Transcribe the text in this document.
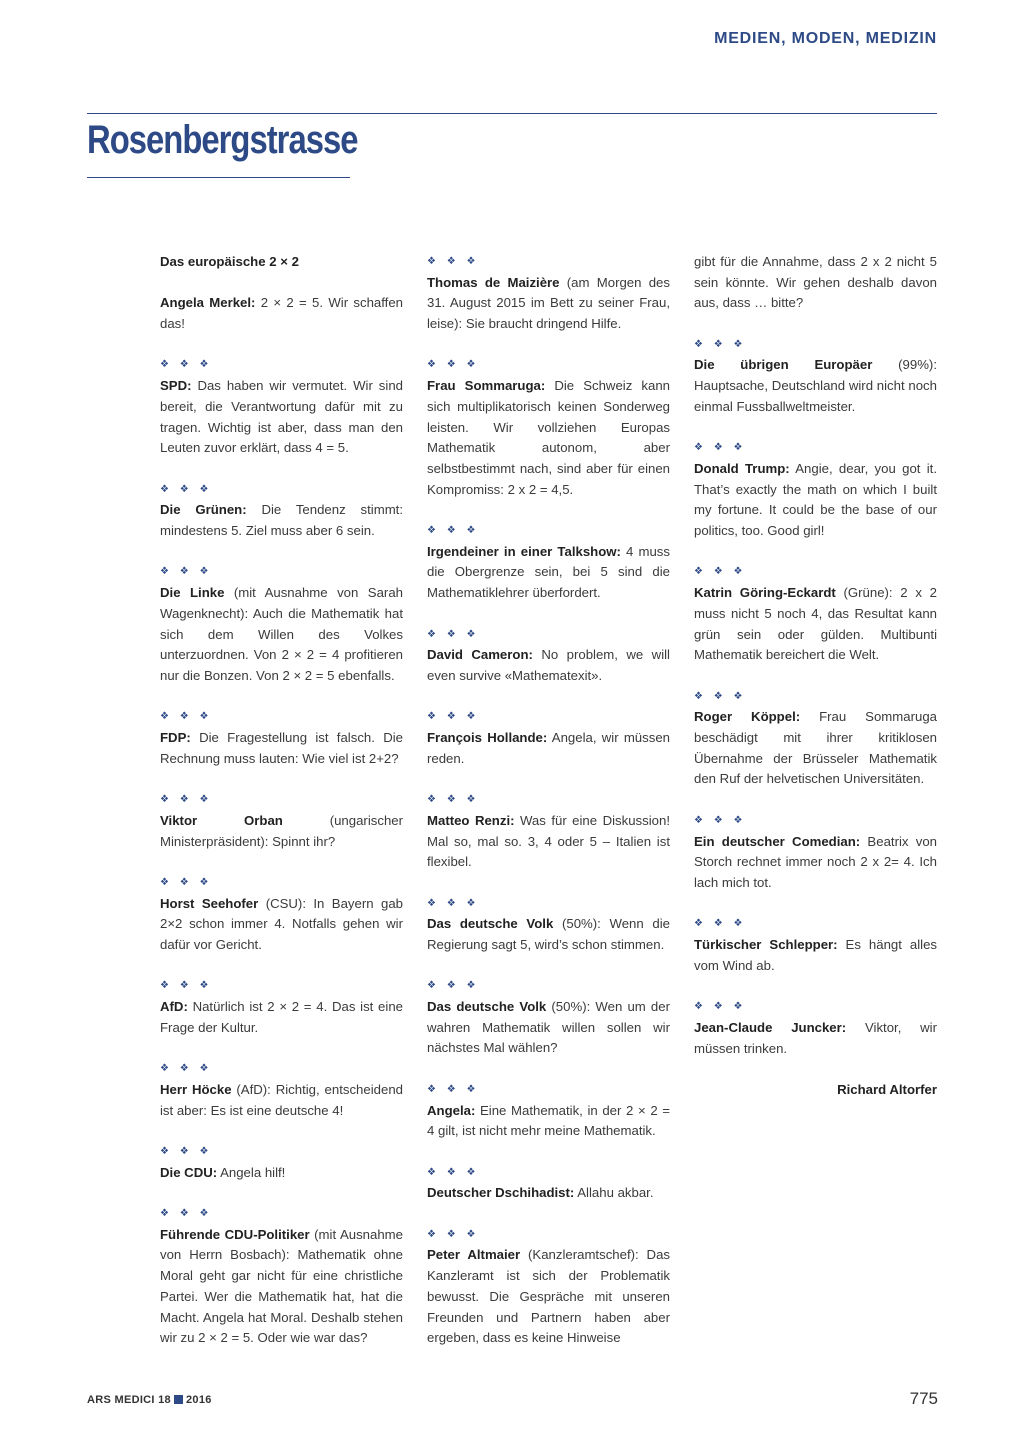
MEDIEN, MODEN, MEDIZIN
Rosenbergstrasse
Das europäische 2 × 2
Angela Merkel: 2 × 2 = 5. Wir schaffen das!
❖ ❖ ❖
SPD: Das haben wir vermutet. Wir sind bereit, die Verantwortung dafür mit zu tragen. Wichtig ist aber, dass man den Leuten zuvor erklärt, dass 4 = 5.
❖ ❖ ❖
Die Grünen: Die Tendenz stimmt: mindestens 5. Ziel muss aber 6 sein.
❖ ❖ ❖
Die Linke (mit Ausnahme von Sarah Wagenknecht): Auch die Mathematik hat sich dem Willen des Volkes unterzuordnen. Von 2 × 2 = 4 profitieren nur die Bonzen. Von 2 × 2 = 5 ebenfalls.
❖ ❖ ❖
FDP: Die Fragestellung ist falsch. Die Rechnung muss lauten: Wie viel ist 2+2?
❖ ❖ ❖
Viktor Orban (ungarischer Ministerpräsident): Spinnt ihr?
❖ ❖ ❖
Horst Seehofer (CSU): In Bayern gab 2×2 schon immer 4. Notfalls gehen wir dafür vor Gericht.
❖ ❖ ❖
AfD: Natürlich ist 2 × 2 = 4. Das ist eine Frage der Kultur.
❖ ❖ ❖
Herr Höcke (AfD): Richtig, entscheidend ist aber: Es ist eine deutsche 4!
❖ ❖ ❖
Die CDU: Angela hilf!
❖ ❖ ❖
Führende CDU-Politiker (mit Ausnahme von Herrn Bosbach): Mathematik ohne Moral geht gar nicht für eine christliche Partei. Wer die Mathematik hat, hat die Macht. Angela hat Moral. Deshalb stehen wir zu 2 × 2 = 5. Oder wie war das?
❖ ❖ ❖
Thomas de Maizière (am Morgen des 31. August 2015 im Bett zu seiner Frau, leise): Sie braucht dringend Hilfe.
❖ ❖ ❖
Frau Sommaruga: Die Schweiz kann sich multiplikatorisch keinen Sonderweg leisten. Wir vollziehen Europas Mathematik autonom, aber selbstbestimmt nach, sind aber für einen Kompromiss: 2 x 2 = 4,5.
❖ ❖ ❖
Irgendeiner in einer Talkshow: 4 muss die Obergrenze sein, bei 5 sind die Mathematiklehrer überfordert.
❖ ❖ ❖
David Cameron: No problem, we will even survive «Mathematexit».
❖ ❖ ❖
François Hollande: Angela, wir müssen reden.
❖ ❖ ❖
Matteo Renzi: Was für eine Diskussion! Mal so, mal so. 3, 4 oder 5 – Italien ist flexibel.
❖ ❖ ❖
Das deutsche Volk (50%): Wenn die Regierung sagt 5, wird’s schon stimmen.
❖ ❖ ❖
Das deutsche Volk (50%): Wen um der wahren Mathematik willen sollen wir nächstes Mal wählen?
❖ ❖ ❖
Angela: Eine Mathematik, in der 2 × 2 = 4 gilt, ist nicht mehr meine Mathematik.
❖ ❖ ❖
Deutscher Dschihadist: Allahu akbar.
❖ ❖ ❖
Peter Altmaier (Kanzleramtschef): Das Kanzleramt ist sich der Problematik bewusst. Die Gespräche mit unseren Freunden und Partnern haben aber ergeben, dass es keine Hinweise
gibt für die Annahme, dass 2 x 2 nicht 5 sein könnte. Wir gehen deshalb davon aus, dass … bitte?
❖ ❖ ❖
Die übrigen Europäer (99%): Hauptsache, Deutschland wird nicht noch einmal Fussballweltmeister.
❖ ❖ ❖
Donald Trump: Angie, dear, you got it. That’s exactly the math on which I built my fortune. It could be the base of our politics, too. Good girl!
❖ ❖ ❖
Katrin Göring-Eckardt (Grüne): 2 x 2 muss nicht 5 noch 4, das Resultat kann grün sein oder gülden. Multibunti Mathematik bereichert die Welt.
❖ ❖ ❖
Roger Köppel: Frau Sommaruga beschädigt mit ihrer kritiklosen Übernahme der Brüsseler Mathematik den Ruf der helvetischen Universitäten.
❖ ❖ ❖
Ein deutscher Comedian: Beatrix von Storch rechnet immer noch 2 x 2= 4. Ich lach mich tot.
❖ ❖ ❖
Türkischer Schlepper: Es hängt alles vom Wind ab.
❖ ❖ ❖
Jean-Claude Juncker: Viktor, wir müssen trinken.
Richard Altorfer
ARS MEDICI 18 2016	775
